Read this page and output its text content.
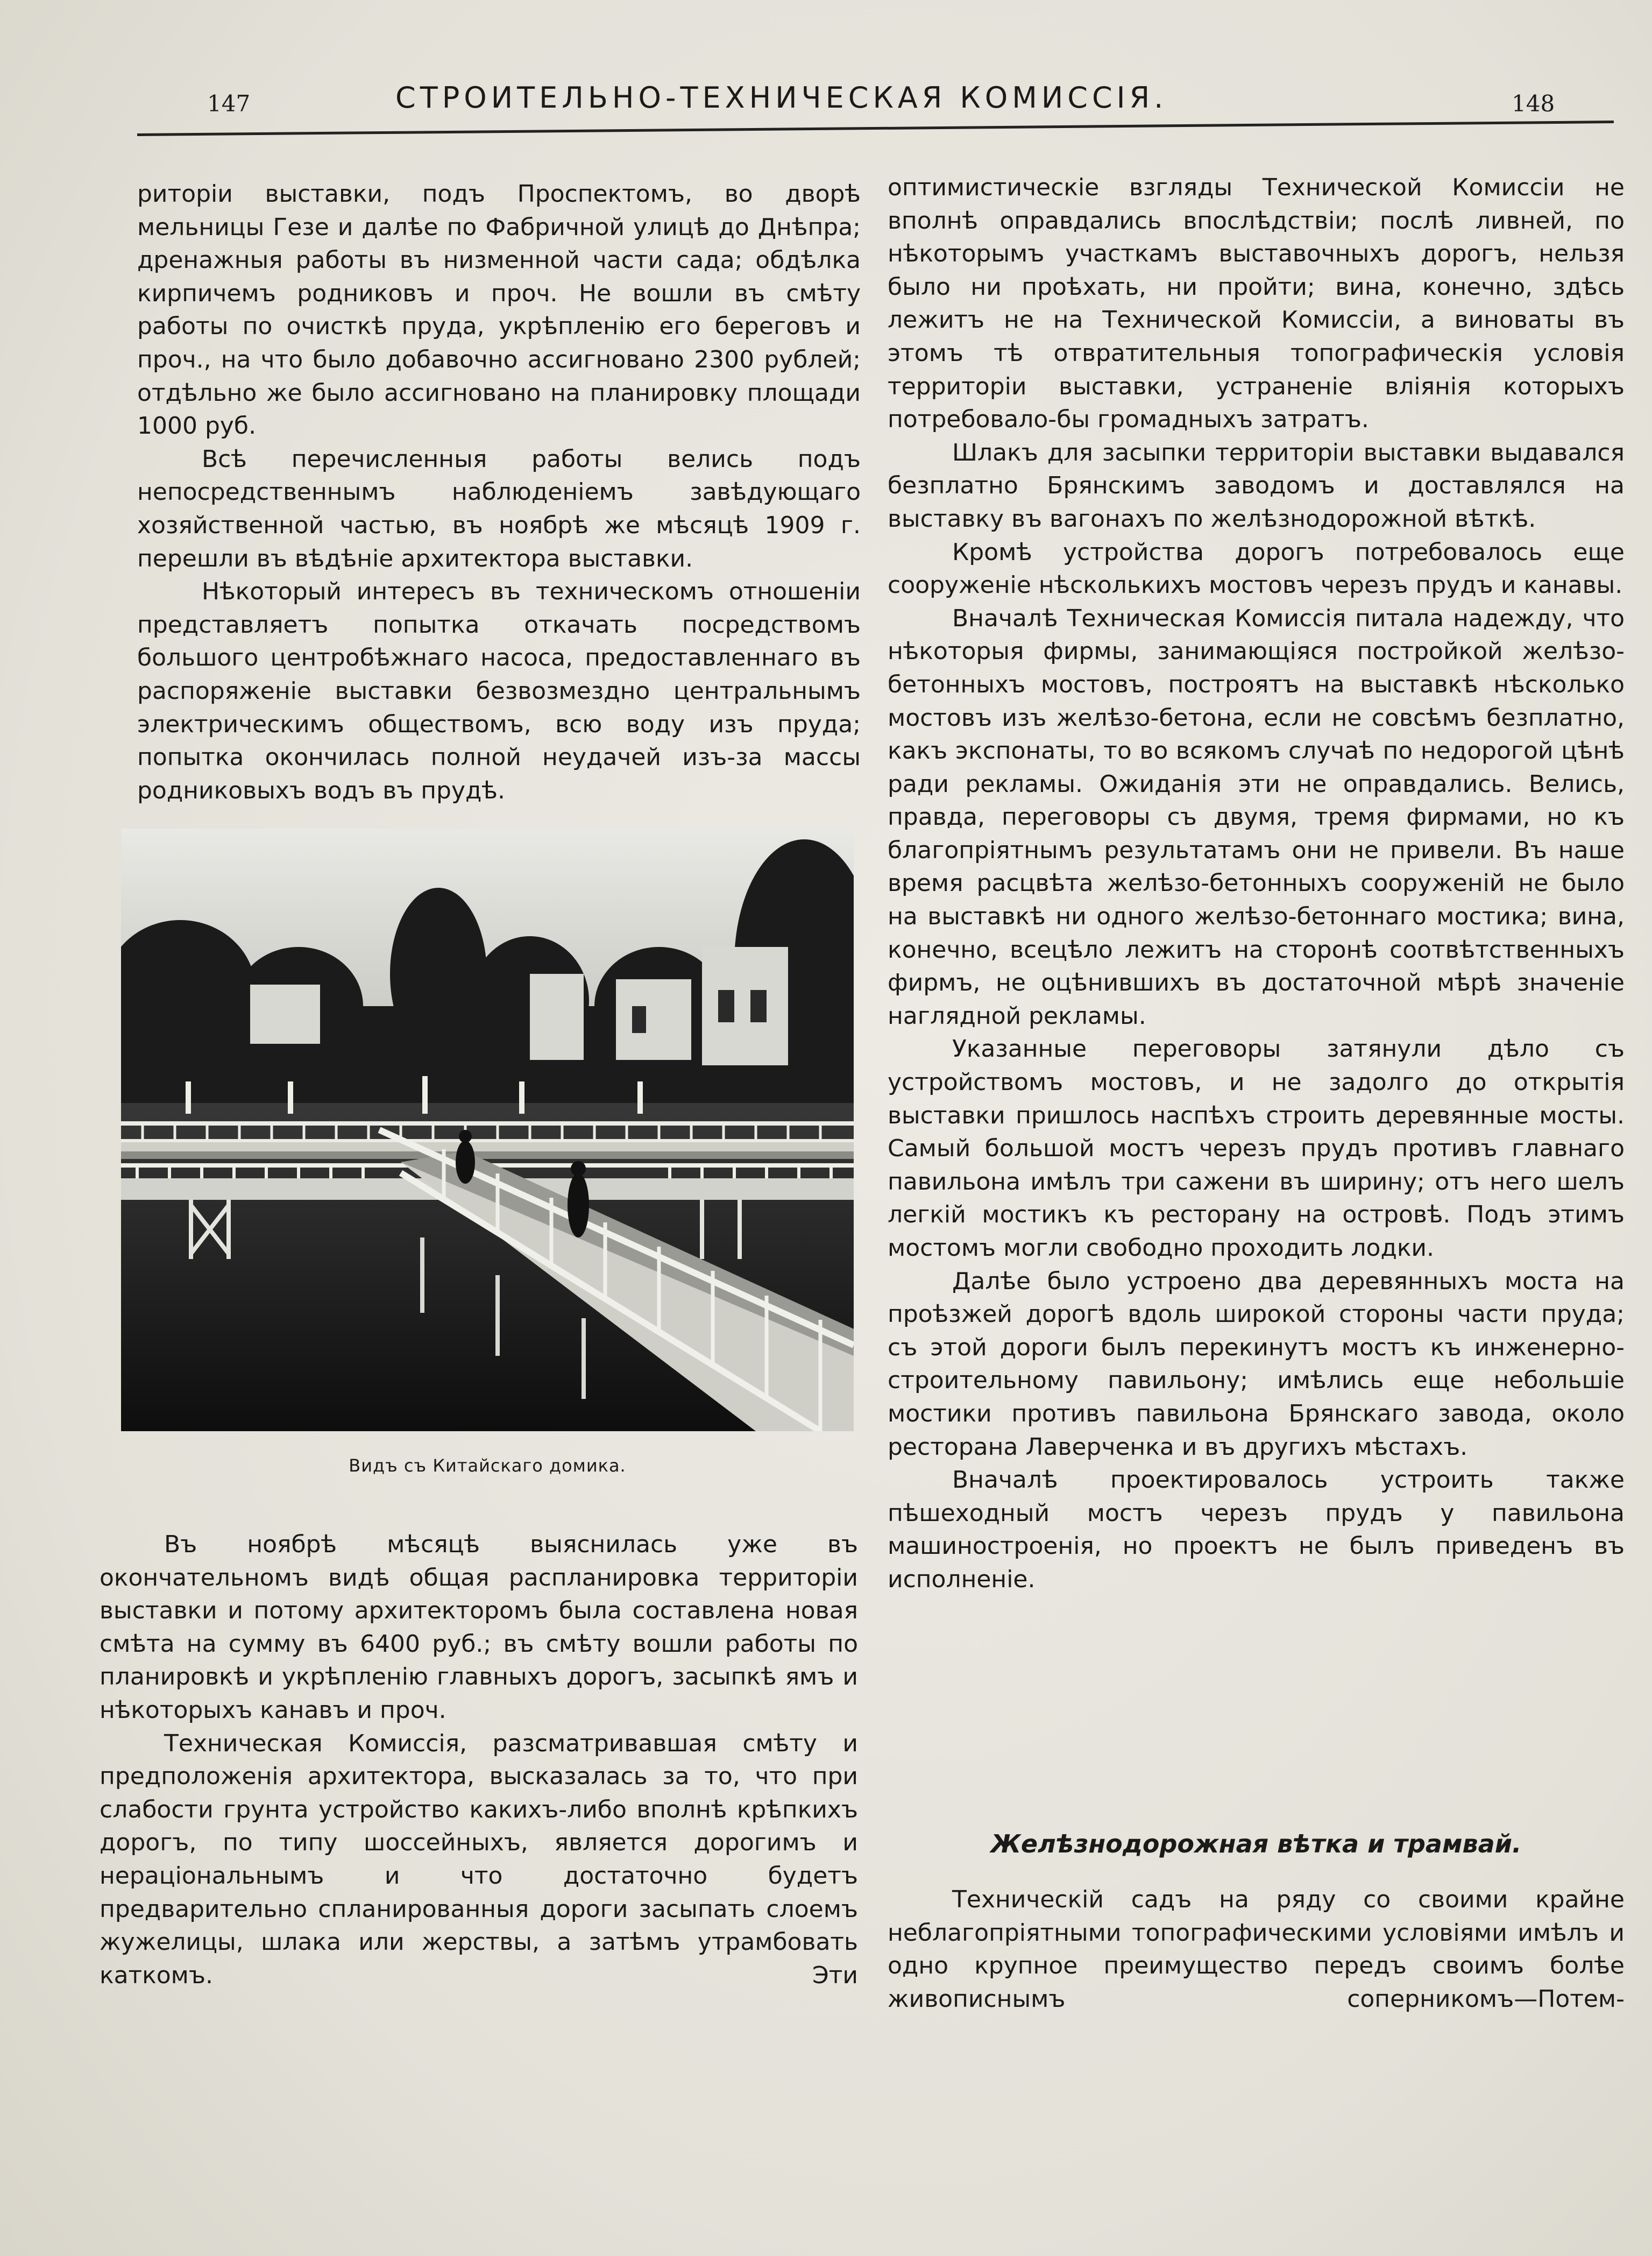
147	СТРОИТЕЛЬНО-ТЕХНИЧЕСКАЯ КОМИССІЯ.	148

риторіи выставки, подъ Проспектомъ, во дворѣ мельницы Гезе и далѣе по Фабричной улицѣ до Днѣпра; дренажныя работы въ низменной части сада; обдѣлка кирпичемъ родниковъ и проч. Не вошли въ смѣту работы по очисткѣ пруда, укрѣпленію его береговъ и проч., на что было добавочно ассигновано 2300 рублей; отдѣльно же было ассигновано на планировку площади 1000 руб.

Всѣ перечисленныя работы велись подъ непосредственнымъ наблюденіемъ завѣдующаго хозяйственной частью, въ ноябрѣ же мѣсяцѣ 1909 г. перешли въ вѣдѣніе архитектора выставки.

Нѣкоторый интересъ въ техническомъ отношеніи представляетъ попытка откачать посредствомъ большого центробѣжнаго насоса, предоставленнаго въ распоряженіе выставки безвозмездно центральнымъ электрическимъ обществомъ, всю воду изъ пруда; попытка окончилась полной неудачей изъ-за массы родниковыхъ водъ въ прудѣ.

Видъ съ Китайскаго домика.

Въ ноябрѣ мѣсяцѣ выяснилась уже въ окончательномъ видѣ общая распланировка территоріи выставки и потому архитекторомъ была составлена новая смѣта на сумму въ 6400 руб.; въ смѣту вошли работы по планировкѣ и укрѣпленію главныхъ дорогъ, засыпкѣ ямъ и нѣкоторыхъ канавъ и проч.

Техническая Комиссія, разсматривавшая смѣту и предположенія архитектора, высказалась за то, что при слабости грунта устройство какихъ-либо вполнѣ крѣпкихъ дорогъ, по типу шоссейныхъ, является дорогимъ и нераціональнымъ и что достаточно будетъ предварительно спланированныя дороги засыпать слоемъ жужелицы, шлака или жерствы, а затѣмъ утрамбовать каткомъ. Эти

оптимистическіе взгляды Технической Комиссіи не вполнѣ оправдались впослѣдствіи; послѣ ливней, по нѣкоторымъ участкамъ выставочныхъ дорогъ, нельзя было ни проѣхать, ни пройти; вина, конечно, здѣсь лежитъ не на Технической Комиссіи, а виноваты въ этомъ тѣ отвратительныя топографическія условія территоріи выставки, устраненіе вліянія которыхъ потребовало-бы громадныхъ затратъ.

Шлакъ для засыпки территоріи выставки выдавался безплатно Брянскимъ заводомъ и доставлялся на выставку въ вагонахъ по желѣзнодорожной вѣткѣ.

Кромѣ устройства дорогъ потребовалось еще сооруженіе нѣсколькихъ мостовъ черезъ прудъ и канавы.

Вначалѣ Техническая Комиссія питала надежду, что нѣкоторыя фирмы, занимающіяся постройкой желѣзо-бетонныхъ мостовъ, построятъ на выставкѣ нѣсколько мостовъ изъ желѣзо-бетона, если не совсѣмъ безплатно, какъ экспонаты, то во всякомъ случаѣ по недорогой цѣнѣ ради рекламы. Ожиданія эти не оправдались. Велись, правда, переговоры съ двумя, тремя фирмами, но къ благопріятнымъ результатамъ они не привели. Въ наше время расцвѣта желѣзо-бетонныхъ сооруженій не было на выставкѣ ни одного желѣзо-бетоннаго мостика; вина, конечно, всецѣло лежитъ на сторонѣ соотвѣтственныхъ фирмъ, не оцѣнившихъ въ достаточной мѣрѣ значеніе наглядной рекламы.

Указанные переговоры затянули дѣло съ устройствомъ мостовъ, и не задолго до открытія выставки пришлось наспѣхъ строить деревянные мосты. Самый большой мостъ черезъ прудъ противъ главнаго павильона имѣлъ три сажени въ ширину; отъ него шелъ легкій мостикъ къ ресторану на островѣ. Подъ этимъ мостомъ могли свободно проходить лодки.

Далѣе было устроено два деревянныхъ моста на проѣзжей дорогѣ вдоль широкой стороны части пруда; съ этой дороги былъ перекинутъ мостъ къ инженерно-строительному павильону; имѣлись еще небольшіе мостики противъ павильона Брянскаго завода, около ресторана Лаверченка и въ другихъ мѣстахъ.

Вначалѣ проектировалось устроить также пѣшеходный мостъ черезъ прудъ у павильона машиностроенія, но проектъ не былъ приведенъ въ исполненіе.

Желѣзнодорожная вѣтка и трамвай.

Техническій садъ на ряду со своими крайне неблагопріятными топографическими условіями имѣлъ и одно крупное преимущество передъ своимъ болѣе живописнымъ соперникомъ—Потем-
